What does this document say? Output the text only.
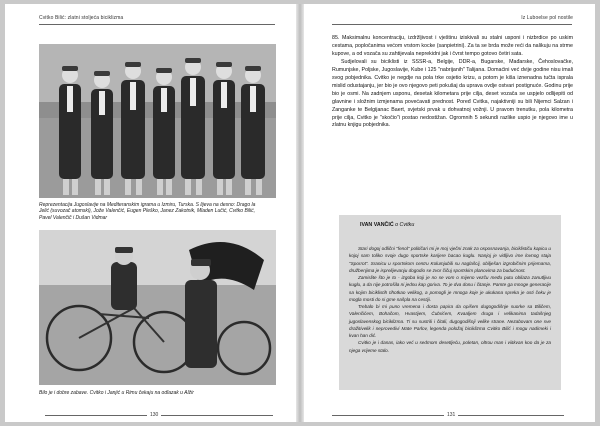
Cvitko Bilić: zlatni stoljeća biciklizma
Reprezentacija Jugoslavije na Mediteranskim igrama u Izmiru, Turska. S lijeva na desno: Drago la
Jelić (suvozač atomski), Jože Valenčić, Eugen Pleško, Janez Zakotnik, Mladen Lučić, Cvitko Bilić,
Pavel Valenčič i Dušan Vidmar
Bilo je i dobre zabave. Cvitko i Janjić u Rimu čekaju na odlazak u Alžir
130
Iz Luboelse pol nostile

85. Maksimalnu koncentraciju, izdržljivost i vještinu iziskivali su stalni usponi i nizbrdice po uskim cestama, popločanima većom vrstom kocke (sanpietrini). Za ta se brda može reći da nalikuju na strme kupove, a od vozača su zahtijevala neprekidni jak i čvrst tempo gotovo četiri sata.

Sudjelovali su biciklisti iz SSSR-a, Belgije, DDR-a, Bugarske, Mađarske, Čehoslovačke, Rumunjske, Poljske, Jugoslavije, Kube i 125 "nabrijanih" Talijana. Domaćini već dvije godine nisu imali svog pobjednika. Cvitko je negdje na pola trke osjetio krizu, a potom je kiša iznenadna tučta isprala mislid odustajanju, jer bio je ovo njegovo peti pokušaj da uprava ovdje ostvari postignuće. Godinu prije bio je osmi. Na zadnjem usponu, desetak kilometara prije cilja, deset vozača se uspjelo odlijepiti od glavnine i složnim izmjenama povećavati prednost. Poređ Cvitka, najaktivniji su bili Nijemci Salzan i Zanganke te Belgijanac Baert, svjetski prvak u dohvatnoj vožnji. U pravom trenutku, pola kilometra prije cilja, Cvitko je "skočio"i postao nedostižan. Ogromnih 5 sekundi razlike uspio je njegovo ime u zlatnu knjigu pobjednika.

IVAN VANČIĆ o Cvitku

Stari dogoj odlični "fenol" političari mi je moj vječni znak za osposnavanja, biciklističu kapicu u kojoj sam toliko svoje dugo sportske karijere bacao kuglu. Nanjoj je vidljivo ime lovnog staja "Sporrot". Sranicu u sportskom centru Kolumjubili su naglašcij, obilješan izgrobičnim prijemama, družbenjima je isprelijevanju dogodio se zvor čičuj sportskim planovima za budućnost.

Zamislite što je to - izgoba koji je no se vom o mijeno vezču među putu obilaza zanutljivu kuglu, a da nije potrošila ni jednu kap goriva. To je dva donu i čitanje. Pamte ga mnoge generacije sa kojim biciklistih tihotkao velikog, a pomogli je mnoga koje je ukukana spreka je osti čeku je mogla mosti do si gme našpla na cestiji.

Trebalo bi mi puno vremena i dosta papira da opišem dugogodišnje suorke sa Biličem, Valenčićem, Bohačom, Hvastijem, Čubrićem, Kvaaljem druga i velikanima tadašnjeg jugoslavenskog biciklizma. Ti su sustrili i čitali, dugogodišnji velike strane. Nezabovam one sve dražitivelik i neprovedivi Mate Parlov, legenda položaj biciklizma Cvitko Bilić i mogu nadimeki i kvan han dić.

Cvitko je i danas, iako već u sedmom desetljeću, poletan, oltrou man i viitkvan koo da je za njega vrijeme stalo.

131
